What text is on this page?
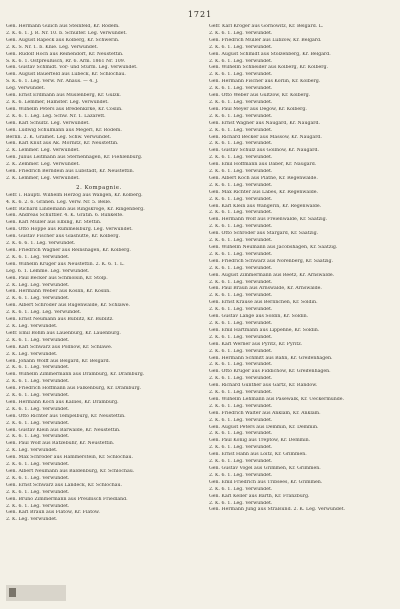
1721
Gen. Hermann Gulich aus Steinfeld, Kr. Rodem.
2. K. 6. 1. J. R. Nr. 10. b. Schulter. Leg. Verwundet.
Gen. August Rapeck aus Kölberg, Kr. Schwerin.
2. K. S. Nr. 1. b. Knie. Leg. Verwundet.
Gen. Rudolf Hoch aus Reihendorf, Kr. Neustettin.
S. K. 6. 1. Ostpreußisch, Rr. 6. Arm. 1861 Nr. 109.
Gen. Gustav Schmidt. Vor- und Sturm. Leg. Verwundet.
Gen. August Bauerfeld aus Lübeck, Kr. Schlochau.
S. K. 6. 1. Leg. Verw. Nr. Ahaus. — 4. J.
Leg. Verwundet.
Gen. Ernst Erdmann aus Müslenberg, Kr. Gülzk.
2. K. 6. Lemmer, Hamster. Leg. Verwundet.
Gen. Wilhelm Peters aus Bredenkirke, Kr. Cöslin.
2. K. 6. 1. Leg. Leg. Schw. Nr. 1. Lazarett.
Gen. Karl Schultz. Leg. Verwundet.
Gen. Ludwig Schulmann aus Megerl, Kr. Rodem.
Berlin. 2. K. Gramet. Leg. Schw. Verwundet.
Gen. Karl Knüt aus Ak. Mörnitz, Kr. Neustettin.
2. K. Lemmer. Leg. Verwundet.
Gen. Julius Leitmann aus Sternenhagen, Kr. Fiehlenburg.
2. K. Zemmer. Leg. Verwundet.
Gen. Friedrich Berndein aus Lubstadt, Kr. Neustettin.
2. K. Lemmer, Leg. Verwundet.
2. Kompagnie.
Gefr. i. Hauptl. Wilhelm Herzog aus Wangen, Kr. Kolberg.
4. K. 6. 2. 6. Gränen. Leg. Verw. Nr. 5. Belle.
Gefr. Richard Lindemann aus Ringskroge, Kr. Ringenberg.
Gen. Andreas Schüttler. 4. K. Gratin. 6. Rünkelte.
Gen. Karl Müller aus Elbing, Kr. Stettin.
Gen. Otto Hoppe aus Rummelsburg. Leg. Verwundet.
Gen. Gustav Fischer aus Glashütte, Kr. Kolberg.
2. K. 6. 6. 1. Leg. Verwundet.
Gen. Friedrich Wagner aus Reinshagen, Kr. Kolberg.
2. K. 6. 1. Leg. Verwundet.
Gen. Wilhelm Krüger aus Neustettin. 2. K. 6. 1. L.
Leg. 6. 1. Lemme. Leg. Verwundet.
Gen. Paul Becker aus Schmolsin, Kr. Stolp.
2. K. Leg. Leg. Verwundet.
Gen. Hermann Weber aus Köslin, Kr. Köslin.
2. K. 6. 1. Leg. Verwundet.
Gen. Albert Schröder aus Rügenwalde, Kr. Schlawe.
2. K. 6. 1. Leg. Leg. Verwundet.
Gen. Ernst Neumann aus Bublitz, Kr. Bublitz.
2. K. Leg. Verwundet.
Gefr. Emil Böhm aus Lauenburg, Kr. Lauenburg.
2. K. 6. 1. Leg. Verwundet.
Gen. Karl Schwarz aus Pollnow, Kr. Schlawe.
2. K. Leg. Verwundet.
Gen. Johann Wolff aus Belgard, Kr. Belgard.
2. K. 6. 1. Leg. Verwundet.
Gen. Wilhelm Zimmermann aus Dramburg, Kr. Dramburg.
2. K. 6. 1. Leg. Verwundet.
Gen. Friedrich Hoffmann aus Falkenburg, Kr. Dramburg.
2. K. 6. 1. Leg. Verwundet.
Gen. Hermann Koch aus Kallies, Kr. Dramburg.
2. K. 6. 1. Leg. Verwundet.
Gen. Otto Richter aus Tempelburg, Kr. Neustettin.
2. K. 6. 1. Leg. Verwundet.
Gen. Gustav Klein aus Bärwalde, Kr. Neustettin.
2. K. 6. 1. Leg. Verwundet.
Gen. Paul Wolf aus Ratzebuhr, Kr. Neustettin.
2. K. Leg. Verwundet.
Gen. Max Schröder aus Hammerstein, Kr. Schlochau.
2. K. 6. 1. Leg. Verwundet.
Gen. Albert Neumann aus Baldenburg, Kr. Schlochau.
2. K. 6. 1. Leg. Verwundet.
Gen. Ernst Schwarz aus Landeck, Kr. Schlochau.
2. K. 6. 1. Leg. Verwundet.
Gen. Bruno Zimmermann aus Preußisch Friedland.
2. K. 6. 1. Leg. Verwundet.
Gen. Karl Braun aus Flatow, Kr. Flatow.
2. K. Leg. Verwundet.
Gefr. Karl Kröger aus Gornowitz, Kr. Belgard. L.
2. K. 6. 1. Leg. Verwundet.
Gen. Friedrich Müller aus Lübzow, Kr. Belgard.
2. K. 6. 1. Leg. Verwundet.
Gen. August Schmidt aus Stolzenberg, Kr. Belgard.
2. K. 6. 1. Leg. Verwundet.
Gen. Wilhelm Schneider aus Kolberg, Kr. Kolberg.
2. K. 6. 1. Leg. Verwundet.
Gen. Hermann Fischer aus Körlin, Kr. Kolberg.
2. K. 6. 1. Leg. Verwundet.
Gen. Otto Weber aus Gültzow, Kr. Kolberg.
2. K. 6. 1. Leg. Verwundet.
Gen. Paul Meyer aus Degow, Kr. Kolberg.
2. K. 6. 1. Leg. Verwundet.
Gen. Ernst Wagner aus Naugard, Kr. Naugard.
2. K. 6. 1. Leg. Verwundet.
Gen. Richard Becker aus Massow, Kr. Naugard.
2. K. 6. 1. Leg. Verwundet.
Gen. Gustav Schulz aus Gollnow, Kr. Naugard.
2. K. 6. 1. Leg. Verwundet.
Gen. Emil Hoffmann aus Daber, Kr. Naugard.
2. K. 6. 1. Leg. Verwundet.
Gen. Albert Koch aus Plathe, Kr. Regenwalde.
2. K. 6. 1. Leg. Verwundet.
Gen. Max Richter aus Labes, Kr. Regenwalde.
2. K. 6. 1. Leg. Verwundet.
Gen. Karl Klein aus Wangerin, Kr. Regenwalde.
2. K. 6. 1. Leg. Verwundet.
Gen. Hermann Wolf aus Freienwalde, Kr. Saatzig.
2. K. 6. 1. Leg. Verwundet.
Gen. Otto Schröder aus Stargard, Kr. Saatzig.
2. K. 6. 1. Leg. Verwundet.
Gen. Wilhelm Neumann aus Jacobshagen, Kr. Saatzig.
2. K. 6. 1. Leg. Verwundet.
Gen. Friedrich Schwarz aus Nörenberg, Kr. Saatzig.
2. K. 6. 1. Leg. Verwundet.
Gen. August Zimmermann aus Reetz, Kr. Arnswalde.
2. K. 6. 1. Leg. Verwundet.
Gen. Paul Braun aus Arnswalde, Kr. Arnswalde.
2. K. 6. 1. Leg. Verwundet.
Gen. Ernst Krause aus Berlinchen, Kr. Soldin.
2. K. 6. 1. Leg. Verwundet.
Gen. Gustav Lange aus Soldin, Kr. Soldin.
2. K. 6. 1. Leg. Verwundet.
Gen. Emil Hartmann aus Lippehne, Kr. Soldin.
2. K. 6. 1. Leg. Verwundet.
Gen. Karl Werner aus Pyritz, Kr. Pyritz.
2. K. 6. 1. Leg. Verwundet.
Gen. Hermann Schmitt aus Bahn, Kr. Greifenhagen.
2. K. 6. 1. Leg. Verwundet.
Gen. Otto Krüger aus Fiddichow, Kr. Greifenhagen.
2. K. 6. 1. Leg. Verwundet.
Gen. Richard Günther aus Gartz, Kr. Randow.
2. K. 6. 1. Leg. Verwundet.
Gen. Wilhelm Lehmann aus Pasewalk, Kr. Ueckermünde.
2. K. 6. 1. Leg. Verwundet.
Gen. Friedrich Walter aus Anklam, Kr. Anklam.
2. K. 6. 1. Leg. Verwundet.
Gen. August Peters aus Demmin, Kr. Demmin.
2. K. 6. 1. Leg. Verwundet.
Gen. Paul König aus Treptow, Kr. Demmin.
2. K. 6. 1. Leg. Verwundet.
Gen. Ernst Hahn aus Loitz, Kr. Grimmen.
2. K. 6. 1. Leg. Verwundet.
Gen. Gustav Vogel aus Grimmen, Kr. Grimmen.
2. K. 6. 1. Leg. Verwundet.
Gen. Emil Friedrich aus Tribsees, Kr. Grimmen.
2. K. 6. 1. Leg. Verwundet.
Gen. Karl Keller aus Barth, Kr. Franzburg.
2. K. 6. 1. Leg. Verwundet.
Gen. Hermann Jung aus Stralsund. 2. K. Leg. Verwundet.
